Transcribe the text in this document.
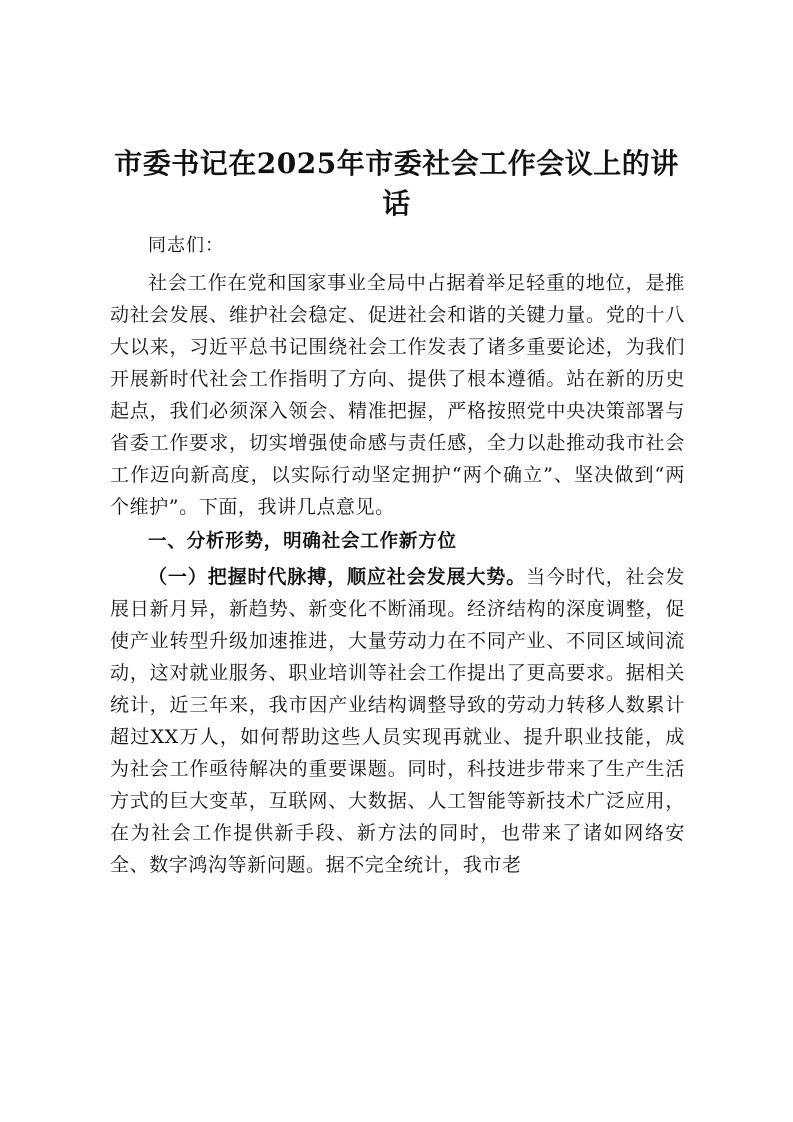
市委书记在2025年市委社会工作会议上的讲话

同志们：

社会工作在党和国家事业全局中占据着举足轻重的地位，是推动社会发展、维护社会稳定、促进社会和谐的关键力量。党的十八大以来，习近平总书记围绕社会工作发表了诸多重要论述，为我们开展新时代社会工作指明了方向、提供了根本遵循。站在新的历史起点，我们必须深入领会、精准把握，严格按照党中央决策部署与省委工作要求，切实增强使命感与责任感，全力以赴推动我市社会工作迈向新高度，以实际行动坚定拥护“两个确立”、坚决做到“两个维护”。下面，我讲几点意见。

一、分析形势，明确社会工作新方位

（一）把握时代脉搏，顺应社会发展大势。当今时代，社会发展日新月异，新趋势、新变化不断涌现。经济结构的深度调整，促使产业转型升级加速推进，大量劳动力在不同产业、不同区域间流动，这对就业服务、职业培训等社会工作提出了更高要求。据相关统计，近三年来，我市因产业结构调整导致的劳动力转移人数累计超过XX万人，如何帮助这些人员实现再就业、提升职业技能，成为社会工作亟待解决的重要课题。同时，科技进步带来了生产生活方式的巨大变革，互联网、大数据、人工智能等新技术广泛应用，在为社会工作提供新手段、新方法的同时，也带来了诸如网络安全、数字鸿沟等新问题。据不完全统计，我市老
